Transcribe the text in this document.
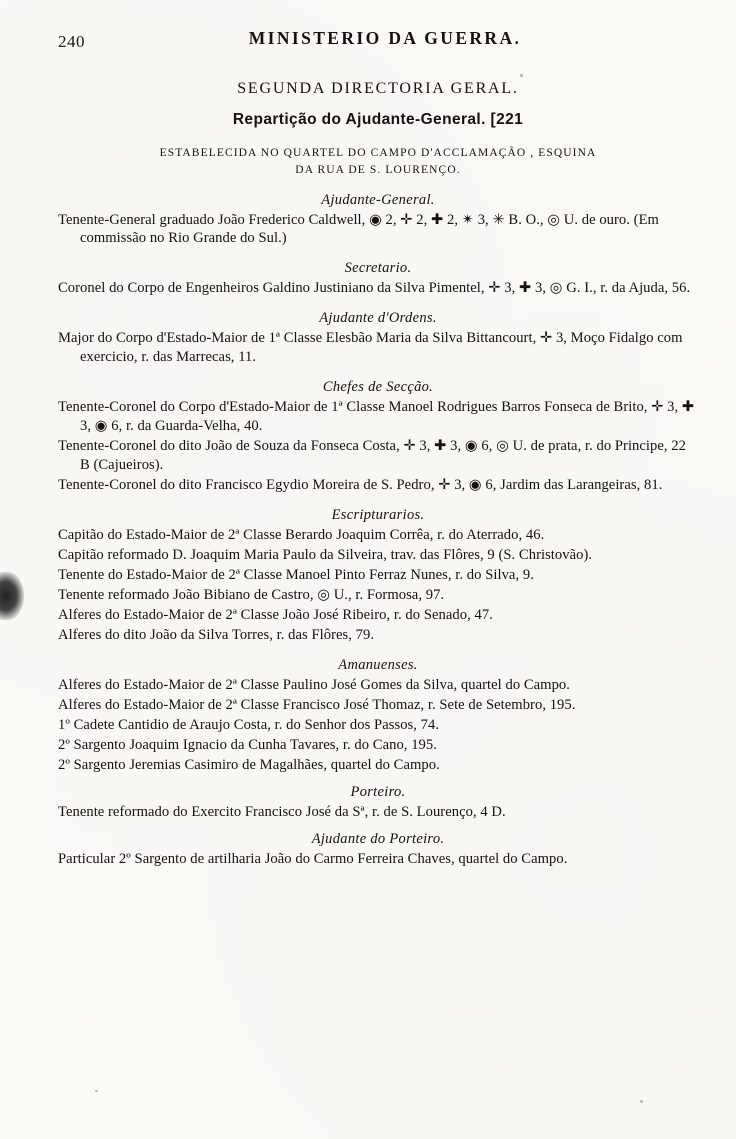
240	MINISTERIO DA GUERRA.
SEGUNDA DIRECTORIA GERAL.
Repartição do Ajudante-General. [221
ESTABELECIDA NO QUARTEL DO CAMPO D'ACCLAMAÇÃO , ESQUINA
DA RUA DE S. LOURENÇO.
Ajudante-General.

Tenente-General graduado João Frederico Caldwell, ◉ 2, ✛ 2, ✚ 2, ✴ 3, ✳ B. O., ◎ U. de ouro. (Em commissão no Rio Grande do Sul.)

Secretario.

Coronel do Corpo de Engenheiros Galdino Justiniano da Silva Pimentel, ✛ 3, ✚ 3, ◎ G. I., r. da Ajuda, 56.

Ajudante d'Ordens.

Major do Corpo d'Estado-Maior de 1ª Classe Elesbão Maria da Silva Bittancourt, ✛ 3, Moço Fidalgo com exercicio, r. das Marrecas, 11.

Chefes de Secção.

Tenente-Coronel do Corpo d'Estado-Maior de 1ª Classe Manoel Rodrigues Barros Fonseca de Brito, ✛ 3, ✚ 3, ◉ 6, r. da Guarda-Velha, 40.

Tenente-Coronel do dito João de Souza da Fonseca Costa, ✛ 3, ✚ 3, ◉ 6, ◎ U. de prata, r. do Principe, 22 B (Cajueiros).

Tenente-Coronel do dito Francisco Egydio Moreira de S. Pedro, ✛ 3, ◉ 6, Jardim das Larangeiras, 81.

Escripturarios.

Capitão do Estado-Maior de 2ª Classe Berardo Joaquim Corrêa, r. do Aterrado, 46.

Capitão reformado D. Joaquim Maria Paulo da Silveira, trav. das Flôres, 9 (S. Christovão).

Tenente do Estado-Maior de 2ª Classe Manoel Pinto Ferraz Nunes, r. do Silva, 9.

Tenente reformado João Bibiano de Castro, ◎ U., r. Formosa, 97.

Alferes do Estado-Maior de 2ª Classe João José Ribeiro, r. do Senado, 47.

Alferes do dito João da Silva Torres, r. das Flôres, 79.

Amanuenses.

Alferes do Estado-Maior de 2ª Classe Paulino José Gomes da Silva, quartel do Campo.

Alferes do Estado-Maior de 2ª Classe Francisco José Thomaz, r. Sete de Setembro, 195.

1º Cadete Cantidio de Araujo Costa, r. do Senhor dos Passos, 74.

2º Sargento Joaquim Ignacio da Cunha Tavares, r. do Cano, 195.

2º Sargento Jeremias Casimiro de Magalhães, quartel do Campo.

Porteiro.

Tenente reformado do Exercito Francisco José da Sª, r. de S. Lourenço, 4 D.

Ajudante do Porteiro.

Particular 2º Sargento de artilharia João do Carmo Ferreira Chaves, quartel do Campo.
